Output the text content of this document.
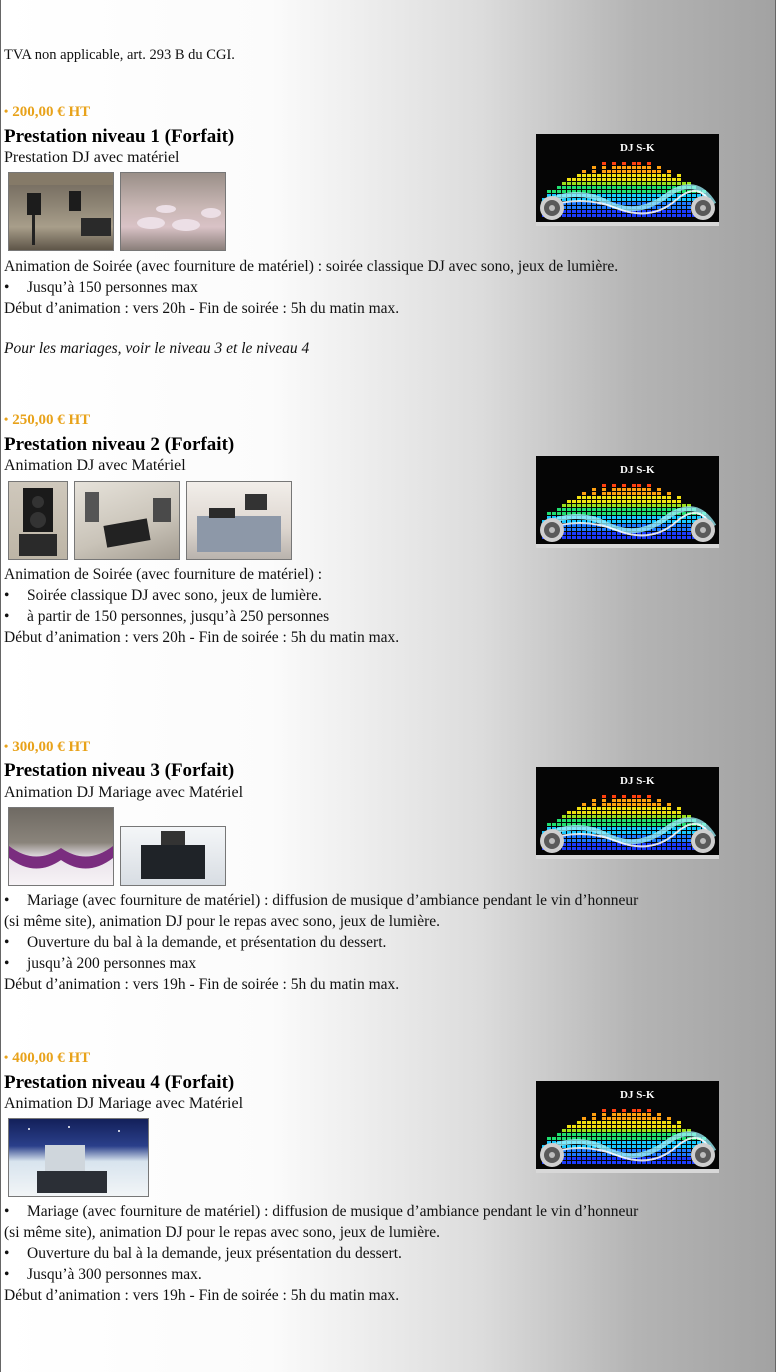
TVA non applicable, art. 293 B du CGI.
• 200,00 € HT
Prestation niveau 1 (Forfait)
Prestation DJ avec matériel
DJ S-K
Animation de Soirée (avec fourniture de matériel) : soirée classique DJ avec sono, jeux de lumière.
• Jusqu’à 150 personnes max
Début d’animation : vers 20h - Fin de soirée : 5h du matin max.
Pour les mariages, voir le niveau 3 et le niveau 4
• 250,00 € HT
Prestation niveau 2 (Forfait)
Animation DJ avec Matériel	DJ S-K
Animation de Soirée (avec fourniture de matériel) :
• Soirée classique DJ avec sono, jeux de lumière.
• à partir de 150 personnes, jusqu’à 250 personnes
Début d’animation : vers 20h - Fin de soirée : 5h du matin max.
• 300,00 € HT
Prestation niveau 3 (Forfait)
Animation DJ Mariage avec Matériel
DJ S-K
• Mariage (avec fourniture de matériel) : diffusion de musique d’ambiance pendant le vin d’honneur
(si même site), animation DJ pour le repas avec sono, jeux de lumière.
• Ouverture du bal à la demande, et présentation du dessert.
• jusqu’à 200 personnes max
Début d’animation : vers 19h - Fin de soirée : 5h du matin max.
• 400,00 € HT
Prestation niveau 4 (Forfait)
Animation DJ Mariage avec Matériel	DJ S-K
• Mariage (avec fourniture de matériel) : diffusion de musique d’ambiance pendant le vin d’honneur
(si même site), animation DJ pour le repas avec sono, jeux de lumière.
• Ouverture du bal à la demande, jeux présentation du dessert.
• Jusqu’à 300 personnes max.
Début d’animation : vers 19h - Fin de soirée : 5h du matin max.
